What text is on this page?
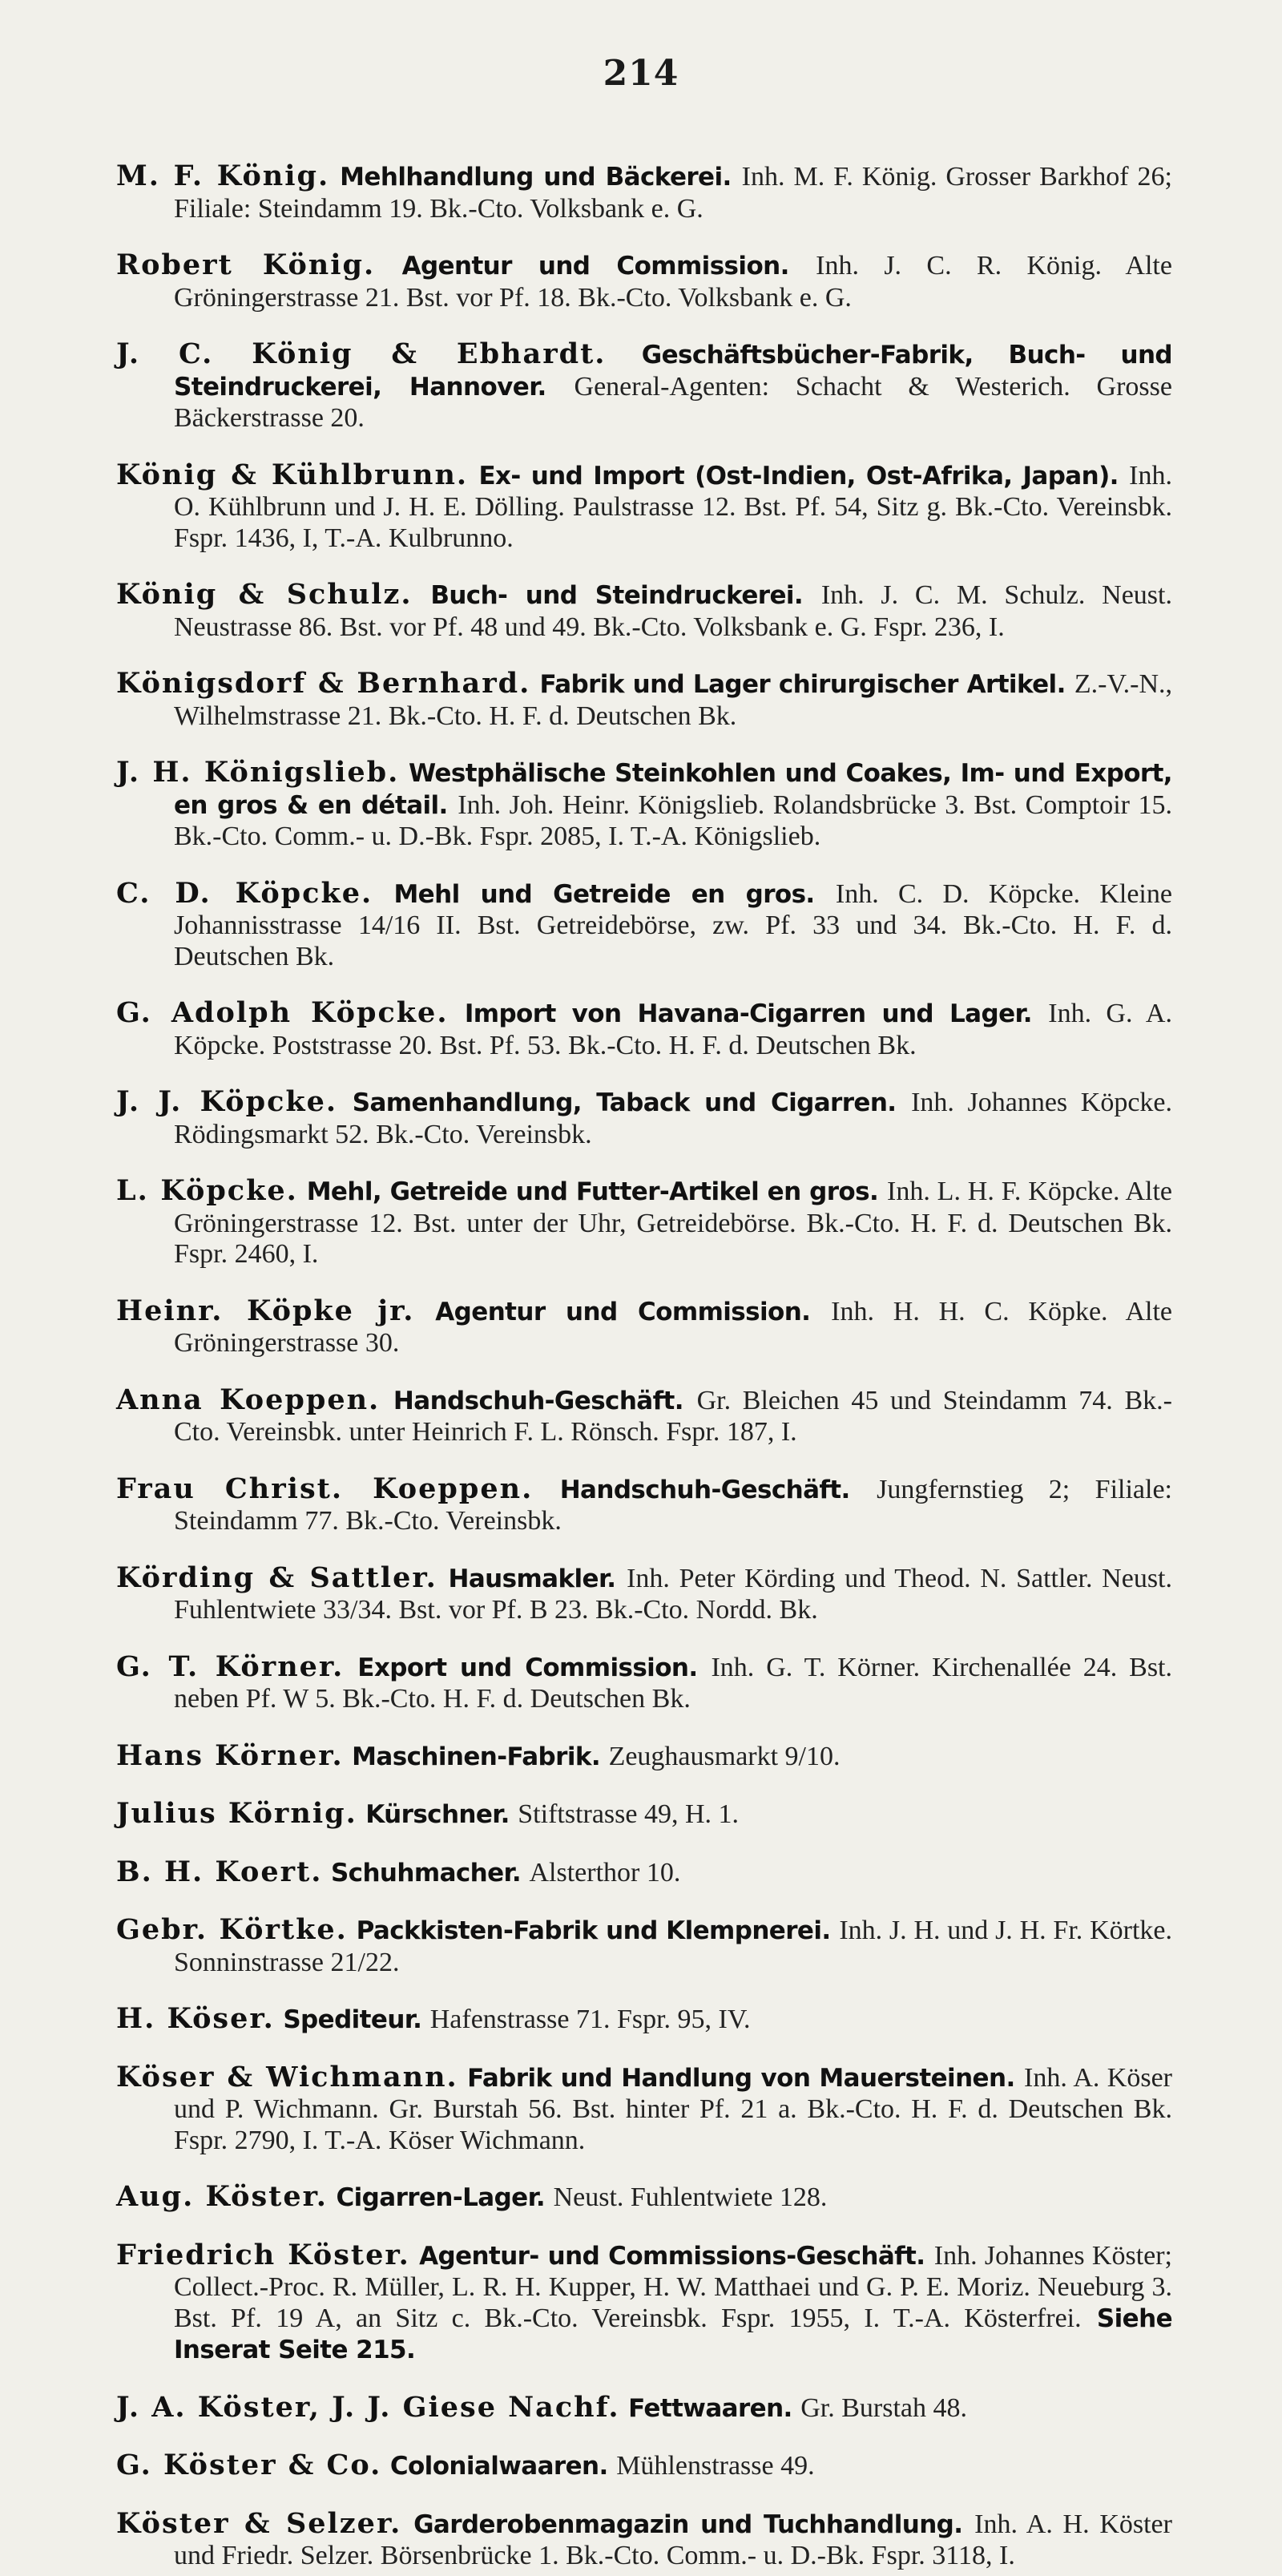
214

M. F. König. Mehlhandlung und Bäckerei. Inh. M. F. König. Grosser Barkhof 26; Filiale: Steindamm 19. Bk.-Cto. Volksbank e. G.

Robert König. Agentur und Commission. Inh. J. C. R. König. Alte Gröningerstrasse 21. Bst. vor Pf. 18. Bk.-Cto. Volksbank e. G.

J. C. König & Ebhardt. Geschäftsbücher-Fabrik, Buch- und Steindruckerei, Hannover. General-Agenten: Schacht & Westerich. Grosse Bäckerstrasse 20.

König & Kühlbrunn. Ex- und Import (Ost-Indien, Ost-Afrika, Japan). Inh. O. Kühlbrunn und J. H. E. Dölling. Paulstrasse 12. Bst. Pf. 54, Sitz g. Bk.-Cto. Vereinsbk. Fspr. 1436, I, T.-A. Kulbrunno.

König & Schulz. Buch- und Steindruckerei. Inh. J. C. M. Schulz. Neust. Neustrasse 86. Bst. vor Pf. 48 und 49. Bk.-Cto. Volksbank e. G. Fspr. 236, I.

Königsdorf & Bernhard. Fabrik und Lager chirurgischer Artikel. Z.-V.-N., Wilhelmstrasse 21. Bk.-Cto. H. F. d. Deutschen Bk.

J. H. Königslieb. Westphälische Steinkohlen und Coakes, Im- und Export, en gros & en détail. Inh. Joh. Heinr. Königslieb. Rolandsbrücke 3. Bst. Comptoir 15. Bk.-Cto. Comm.- u. D.-Bk. Fspr. 2085, I. T.-A. Königslieb.

C. D. Köpcke. Mehl und Getreide en gros. Inh. C. D. Köpcke. Kleine Johannisstrasse 14/16 II. Bst. Getreidebörse, zw. Pf. 33 und 34. Bk.-Cto. H. F. d. Deutschen Bk.

G. Adolph Köpcke. Import von Havana-Cigarren und Lager. Inh. G. A. Köpcke. Poststrasse 20. Bst. Pf. 53. Bk.-Cto. H. F. d. Deutschen Bk.

J. J. Köpcke. Samenhandlung, Taback und Cigarren. Inh. Johannes Köpcke. Rödingsmarkt 52. Bk.-Cto. Vereinsbk.

L. Köpcke. Mehl, Getreide und Futter-Artikel en gros. Inh. L. H. F. Köpcke. Alte Gröningerstrasse 12. Bst. unter der Uhr, Getreidebörse. Bk.-Cto. H. F. d. Deutschen Bk. Fspr. 2460, I.

Heinr. Köpke jr. Agentur und Commission. Inh. H. H. C. Köpke. Alte Gröningerstrasse 30.

Anna Koeppen. Handschuh-Geschäft. Gr. Bleichen 45 und Steindamm 74. Bk.-Cto. Vereinsbk. unter Heinrich F. L. Rönsch. Fspr. 187, I.

Frau Christ. Koeppen. Handschuh-Geschäft. Jungfernstieg 2; Filiale: Steindamm 77. Bk.-Cto. Vereinsbk.

Körding & Sattler. Hausmakler. Inh. Peter Körding und Theod. N. Sattler. Neust. Fuhlentwiete 33/34. Bst. vor Pf. B 23. Bk.-Cto. Nordd. Bk.

G. T. Körner. Export und Commission. Inh. G. T. Körner. Kirchenallée 24. Bst. neben Pf. W 5. Bk.-Cto. H. F. d. Deutschen Bk.

Hans Körner. Maschinen-Fabrik. Zeughausmarkt 9/10.

Julius Körnig. Kürschner. Stiftstrasse 49, H. 1.

B. H. Koert. Schuhmacher. Alsterthor 10.

Gebr. Körtke. Packkisten-Fabrik und Klempnerei. Inh. J. H. und J. H. Fr. Körtke. Sonninstrasse 21/22.

H. Köser. Spediteur. Hafenstrasse 71. Fspr. 95, IV.

Köser & Wichmann. Fabrik und Handlung von Mauersteinen. Inh. A. Köser und P. Wichmann. Gr. Burstah 56. Bst. hinter Pf. 21 a. Bk.-Cto. H. F. d. Deutschen Bk. Fspr. 2790, I. T.-A. Köser Wichmann.

Aug. Köster. Cigarren-Lager. Neust. Fuhlentwiete 128.

Friedrich Köster. Agentur- und Commissions-Geschäft. Inh. Johannes Köster; Collect.-Proc. R. Müller, L. R. H. Kupper, H. W. Matthaei und G. P. E. Moriz. Neueburg 3. Bst. Pf. 19 A, an Sitz c. Bk.-Cto. Vereinsbk. Fspr. 1955, I. T.-A. Kösterfrei. Siehe Inserat Seite 215.

J. A. Köster, J. J. Giese Nachf. Fettwaaren. Gr. Burstah 48.

G. Köster & Co. Colonialwaaren. Mühlenstrasse 49.

Köster & Selzer. Garderobenmagazin und Tuchhandlung. Inh. A. H. Köster und Friedr. Selzer. Börsenbrücke 1. Bk.-Cto. Comm.- u. D.-Bk. Fspr. 3118, I.
